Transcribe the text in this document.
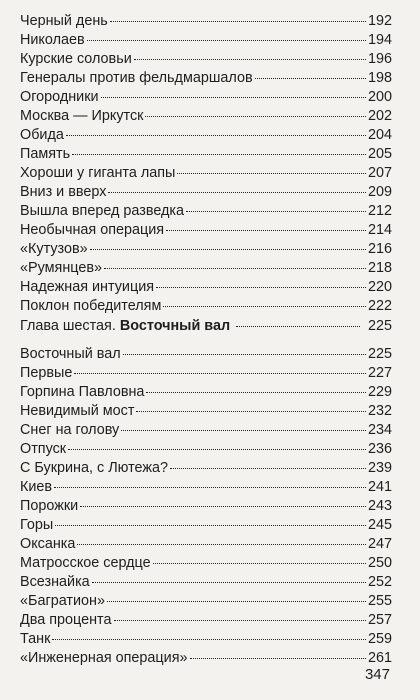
Черный день	192
Николаев	194
Курские соловьи	196
Генералы против фельдмаршалов	198
Огородники	200
Москва — Иркутск	202
Обида	204
Память	205
Хороши у гиганта лапы	207
Вниз и вверх	209
Вышла вперед разведка	212
Необычная операция	214
«Кутузов»	216
«Румянцев»	218
Надежная интуиция	220
Поклон победителям	222
Глава шестая. Восточный вал	225
Восточный вал	225
Первые	227
Горпина Павловна	229
Невидимый мост	232
Снег на голову	234
Отпуск	236
С Букрина, с Лютежа?	239
Киев	241
Порожки	243
Горы	245
Оксанка	247
Матросское сердце	250
Всезнайка	252
«Багратион»	255
Два процента	257
Танк	259
«Инженерная операция»	261
347
